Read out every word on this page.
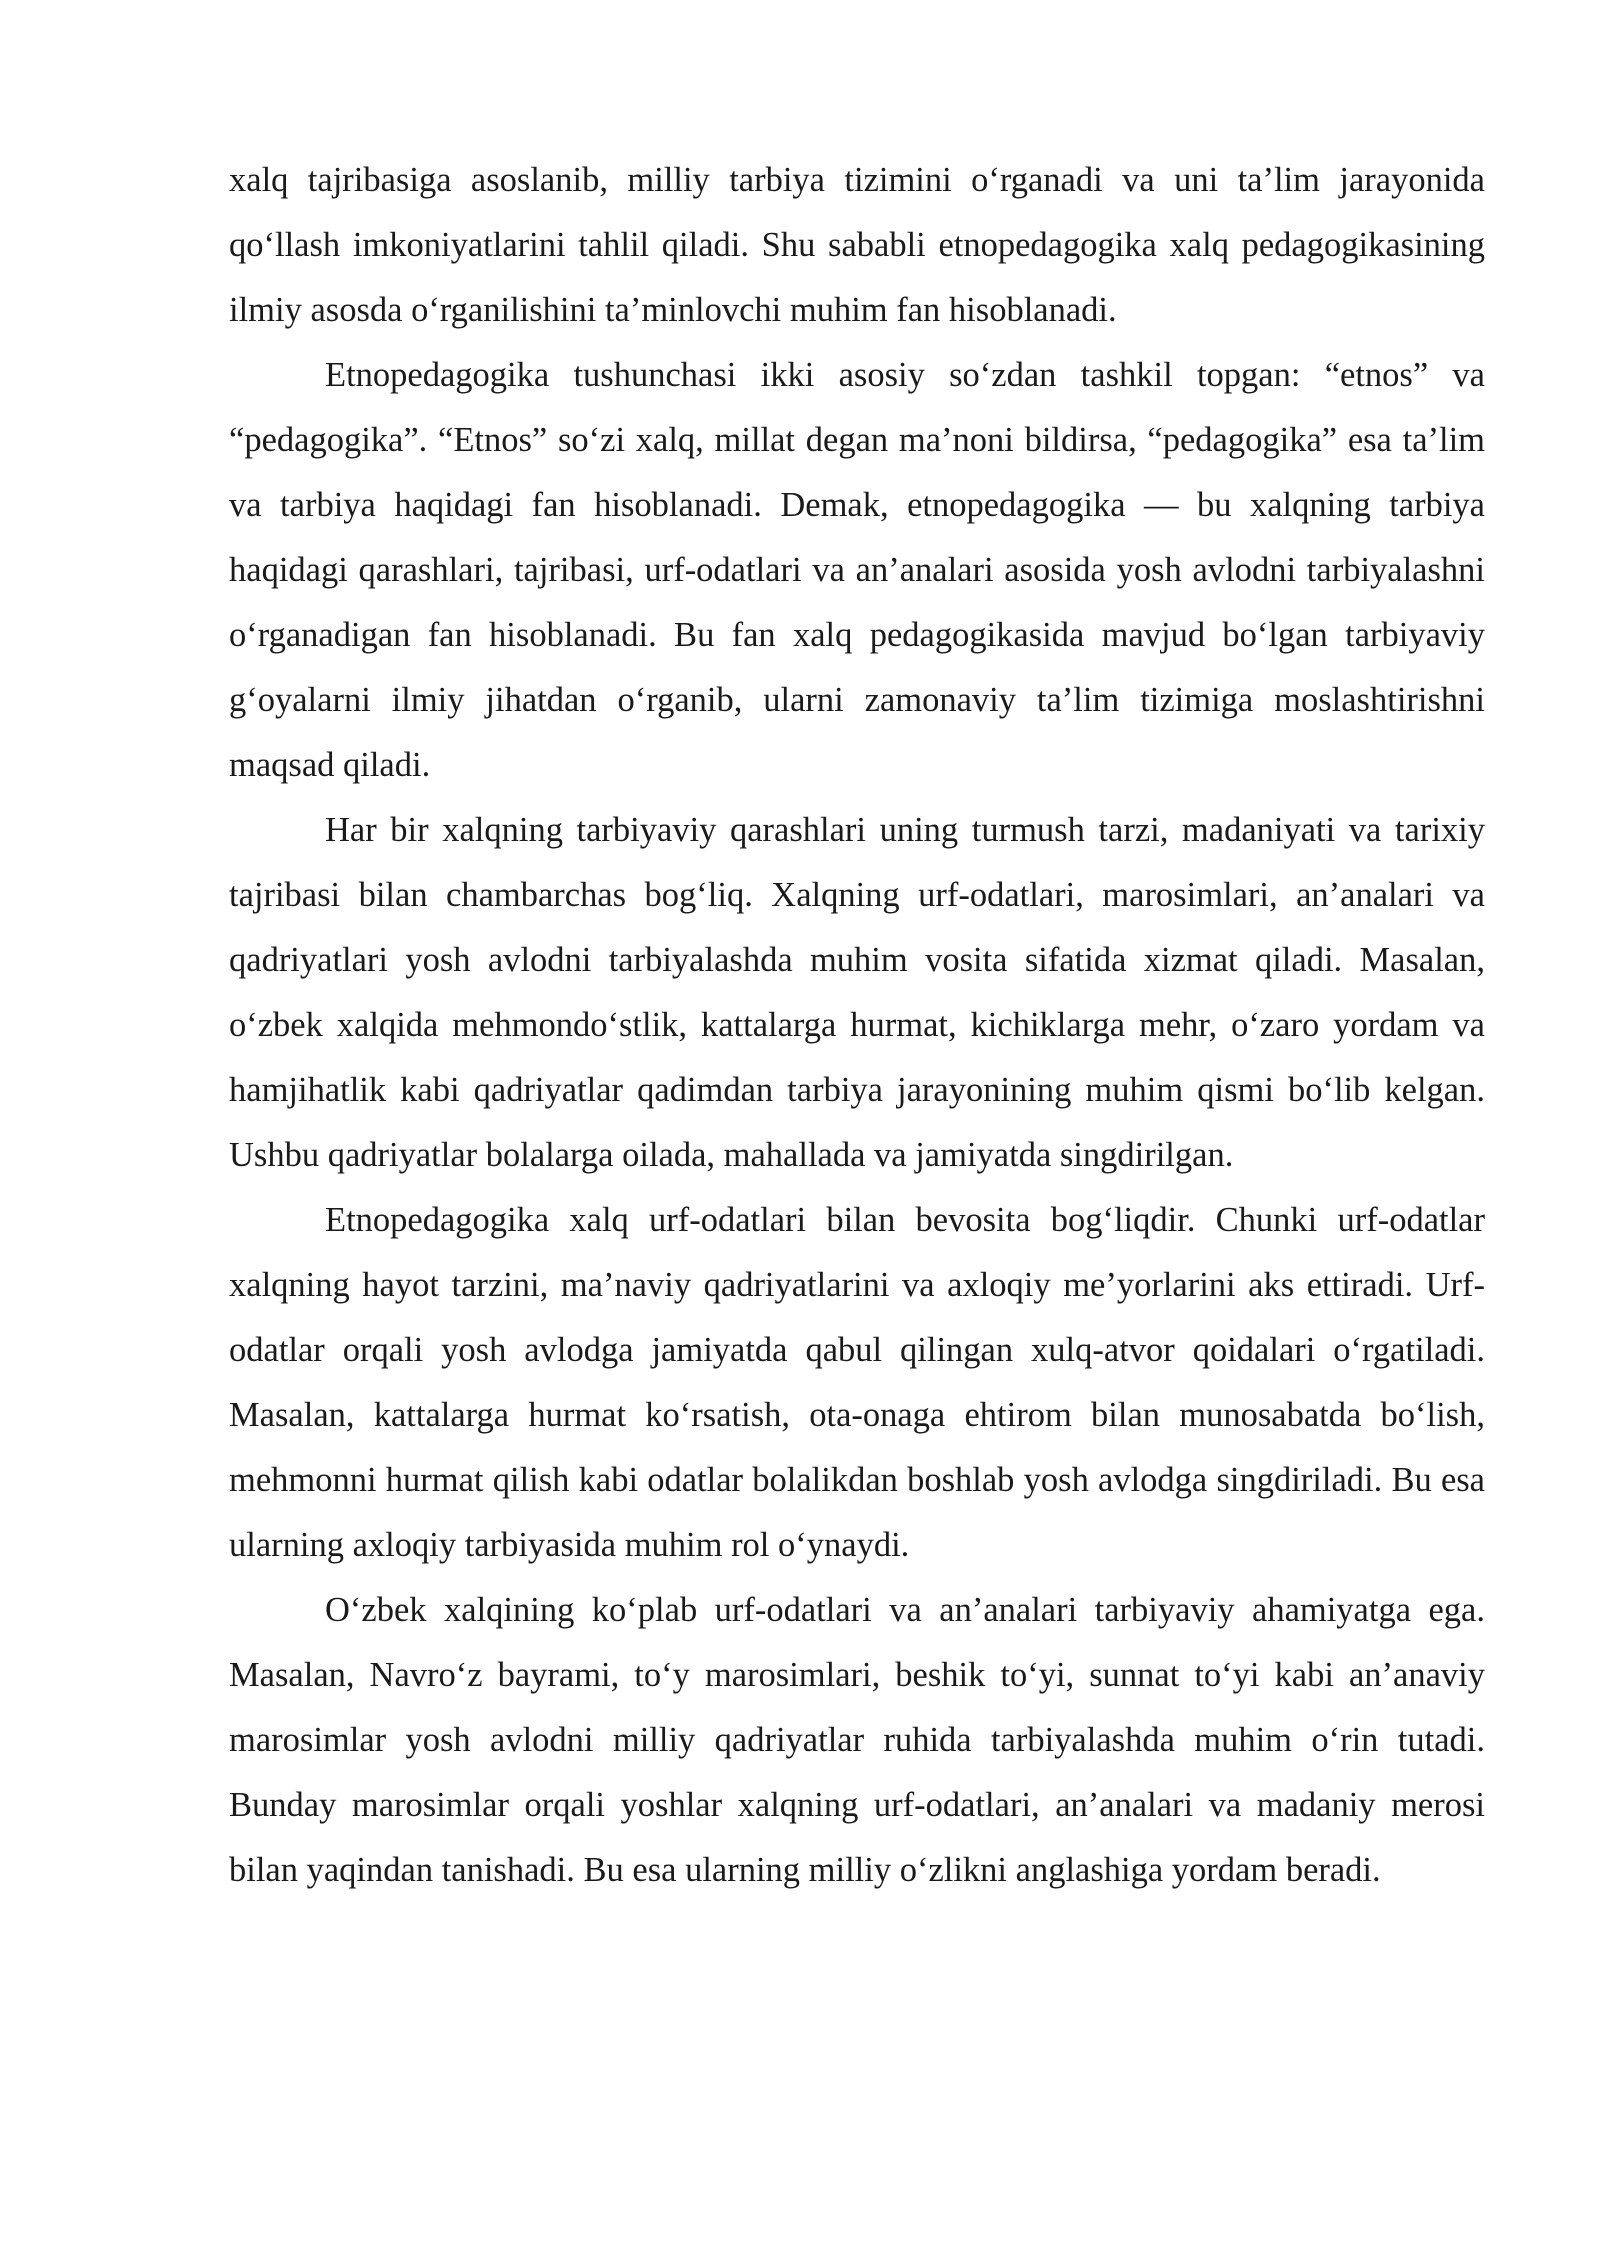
xalq tajribasiga asoslanib, milliy tarbiya tizimini o‘rganadi va uni ta’lim jarayonida qo‘llash imkoniyatlarini tahlil qiladi. Shu sababli etnopedagogika xalq pedagogikasining ilmiy asosda o‘rganilishini ta’minlovchi muhim fan hisoblanadi.

Etnopedagogika tushunchasi ikki asosiy so‘zdan tashkil topgan: “etnos” va “pedagogika”. “Etnos” so‘zi xalq, millat degan ma’noni bildirsa, “pedagogika” esa ta’lim va tarbiya haqidagi fan hisoblanadi. Demak, etnopedagogika — bu xalqning tarbiya haqidagi qarashlari, tajribasi, urf-odatlari va an’analari asosida yosh avlodni tarbiyalashni o‘rganadigan fan hisoblanadi. Bu fan xalq pedagogikasida mavjud bo‘lgan tarbiyaviy g‘oyalarni ilmiy jihatdan o‘rganib, ularni zamonaviy ta’lim tizimiga moslashtirishni maqsad qiladi.

Har bir xalqning tarbiyaviy qarashlari uning turmush tarzi, madaniyati va tarixiy tajribasi bilan chambarchas bog‘liq. Xalqning urf-odatlari, marosimlari, an’analari va qadriyatlari yosh avlodni tarbiyalashda muhim vosita sifatida xizmat qiladi. Masalan, o‘zbek xalqida mehmondo‘stlik, kattalarga hurmat, kichiklarga mehr, o‘zaro yordam va hamjihatlik kabi qadriyatlar qadimdan tarbiya jarayonining muhim qismi bo‘lib kelgan. Ushbu qadriyatlar bolalarga oilada, mahallada va jamiyatda singdirilgan.

Etnopedagogika xalq urf-odatlari bilan bevosita bog‘liqdir. Chunki urf-odatlar xalqning hayot tarzini, ma’naviy qadriyatlarini va axloqiy me’yorlarini aks ettiradi. Urf-odatlar orqali yosh avlodga jamiyatda qabul qilingan xulq-atvor qoidalari o‘rgatiladi. Masalan, kattalarga hurmat ko‘rsatish, ota-onaga ehtirom bilan munosabatda bo‘lish, mehmonni hurmat qilish kabi odatlar bolalikdan boshlab yosh avlodga singdiriladi. Bu esa ularning axloqiy tarbiyasida muhim rol o‘ynaydi.

O‘zbek xalqining ko‘plab urf-odatlari va an’analari tarbiyaviy ahamiyatga ega. Masalan, Navro‘z bayrami, to‘y marosimlari, beshik to‘yi, sunnat to‘yi kabi an’anaviy marosimlar yosh avlodni milliy qadriyatlar ruhida tarbiyalashda muhim o‘rin tutadi. Bunday marosimlar orqali yoshlar xalqning urf-odatlari, an’analari va madaniy merosi bilan yaqindan tanishadi. Bu esa ularning milliy o‘zlikni anglashiga yordam beradi.
